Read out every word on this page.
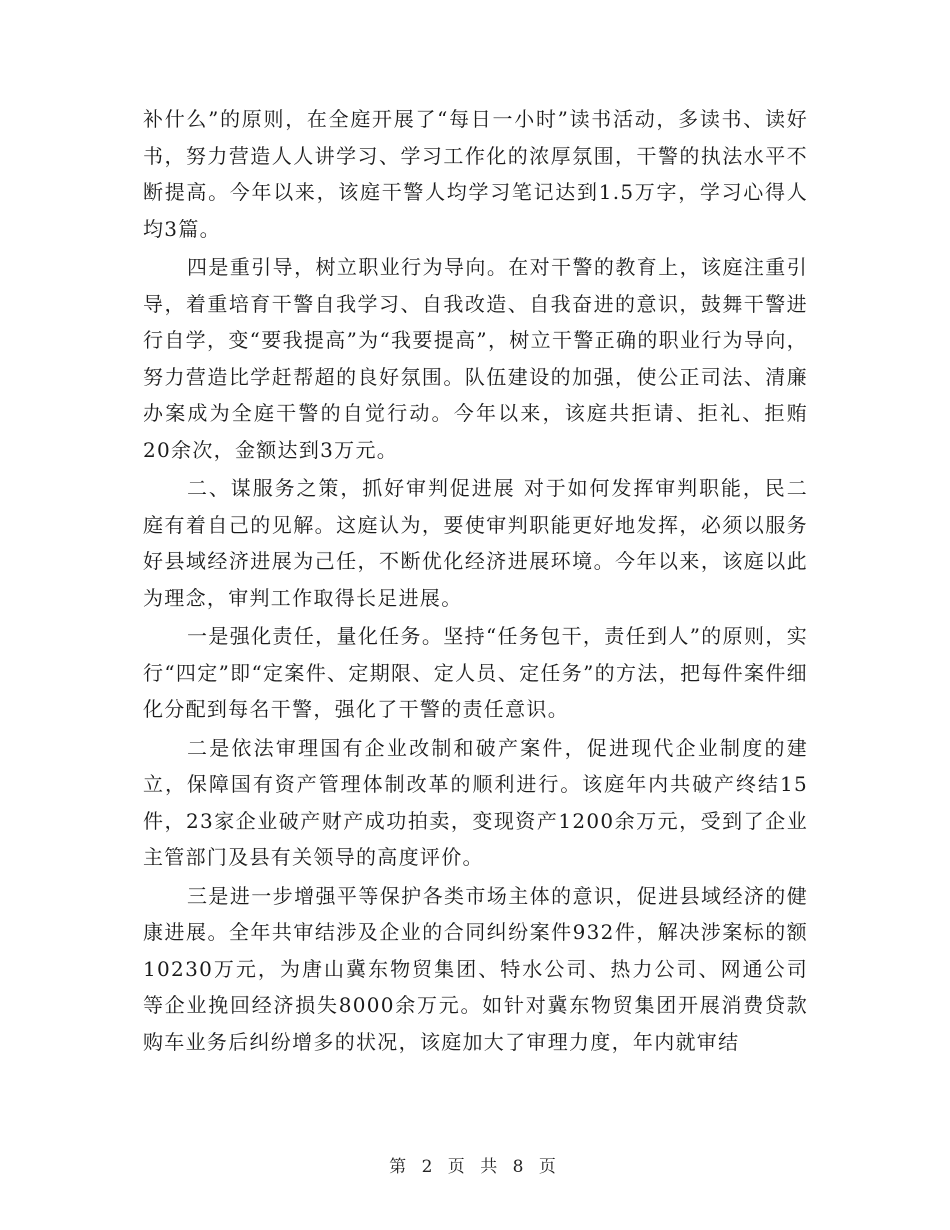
补什么”的原则，在全庭开展了“每日一小时”读书活动，多读书、读好书，努力营造人人讲学习、学习工作化的浓厚氛围，干警的执法水平不断提高。今年以来，该庭干警人均学习笔记达到1.5万字，学习心得人均3篇。

四是重引导，树立职业行为导向。在对干警的教育上，该庭注重引导，着重培育干警自我学习、自我改造、自我奋进的意识，鼓舞干警进行自学，变“要我提高”为“我要提高”，树立干警正确的职业行为导向，努力营造比学赶帮超的良好氛围。队伍建设的加强，使公正司法、清廉办案成为全庭干警的自觉行动。今年以来，该庭共拒请、拒礼、拒贿20余次，金额达到3万元。

二、谋服务之策，抓好审判促进展 对于如何发挥审判职能，民二庭有着自己的见解。这庭认为，要使审判职能更好地发挥，必须以服务好县域经济进展为己任，不断优化经济进展环境。今年以来，该庭以此为理念，审判工作取得长足进展。

一是强化责任，量化任务。坚持“任务包干，责任到人”的原则，实行“四定”即“定案件、定期限、定人员、定任务”的方法，把每件案件细化分配到每名干警，强化了干警的责任意识。

二是依法审理国有企业改制和破产案件，促进现代企业制度的建立，保障国有资产管理体制改革的顺利进行。该庭年内共破产终结15件，23家企业破产财产成功拍卖，变现资产1200余万元，受到了企业主管部门及县有关领导的高度评价。

三是进一步增强平等保护各类市场主体的意识，促进县域经济的健康进展。全年共审结涉及企业的合同纠纷案件932件，解决涉案标的额10230万元，为唐山冀东物贸集团、特水公司、热力公司、网通公司等企业挽回经济损失8000余万元。如针对冀东物贸集团开展消费贷款购车业务后纠纷增多的状况，该庭加大了审理力度，年内就审结

第 2 页 共 8 页
